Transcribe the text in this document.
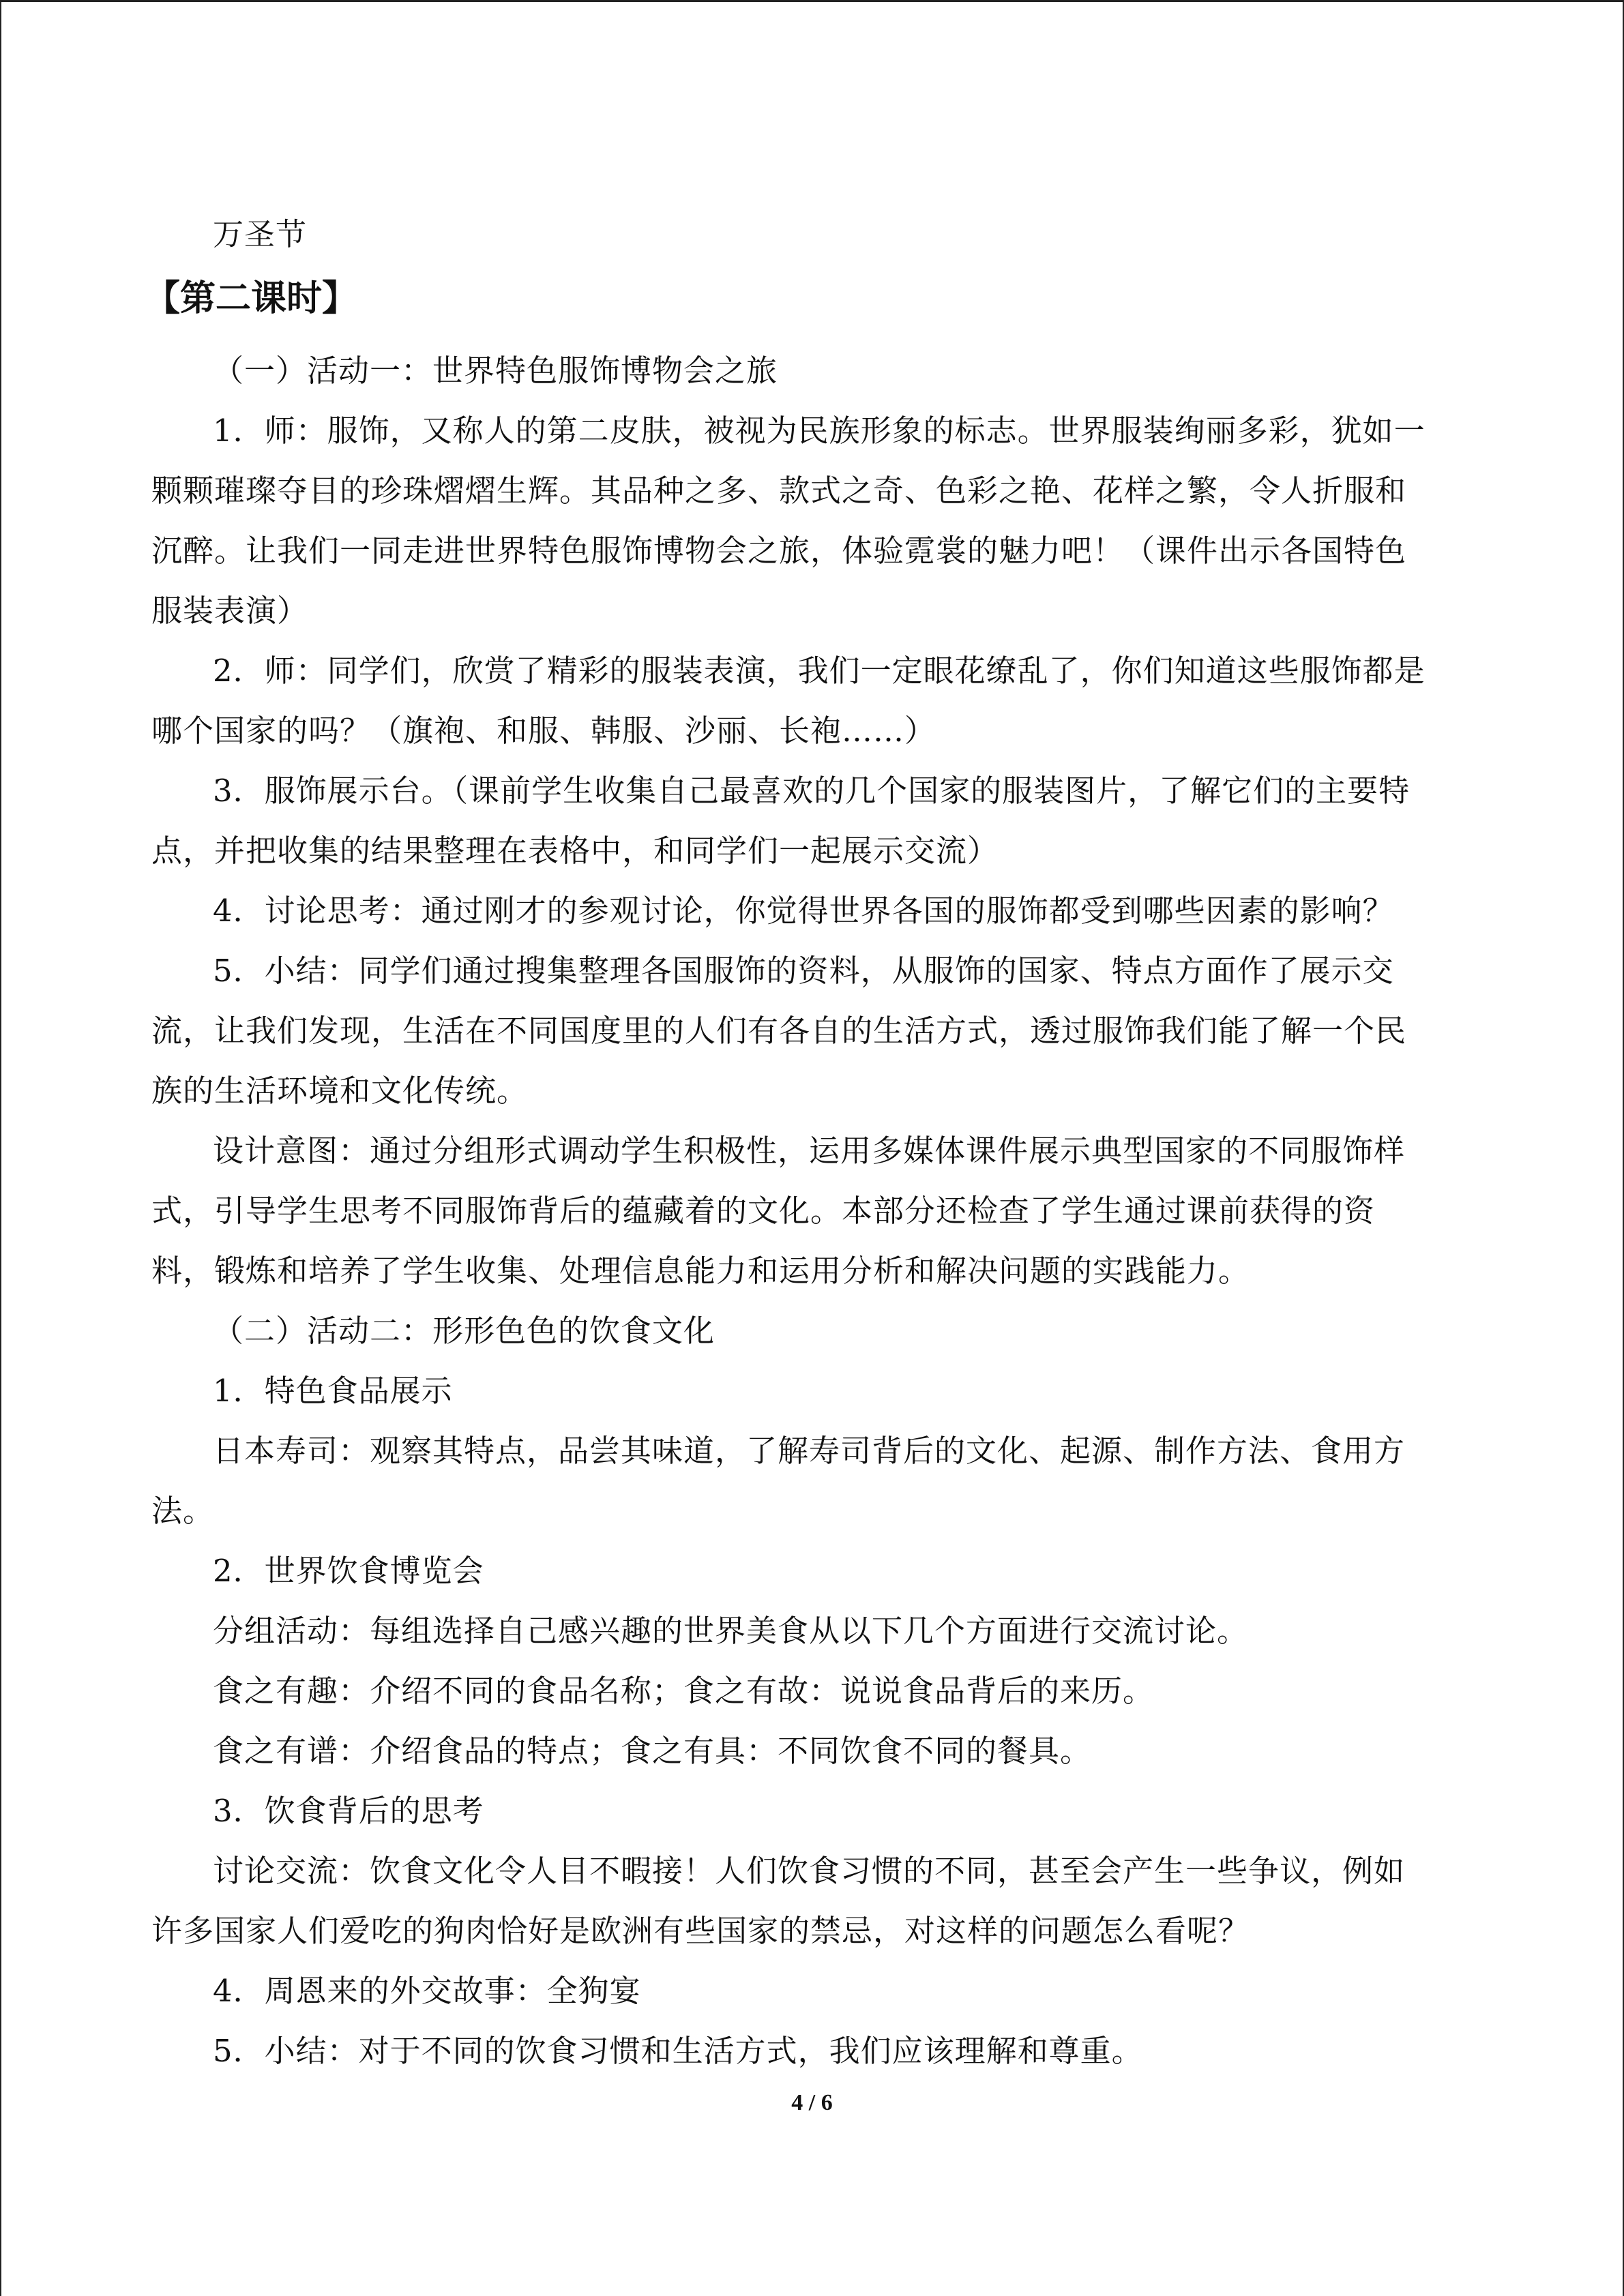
万圣节

【第二课时】

（一）活动一：世界特色服饰博物会之旅

1．师：服饰，又称人的第二皮肤，被视为民族形象的标志。世界服装绚丽多彩，犹如一

颗颗璀璨夺目的珍珠熠熠生辉。其品种之多、款式之奇、色彩之艳、花样之繁，令人折服和

沉醉。让我们一同走进世界特色服饰博物会之旅，体验霓裳的魅力吧！（课件出示各国特色

服装表演）

2．师：同学们，欣赏了精彩的服装表演，我们一定眼花缭乱了，你们知道这些服饰都是

哪个国家的吗？（旗袍、和服、韩服、沙丽、长袍……）

3．服饰展示台。（课前学生收集自己最喜欢的几个国家的服装图片，了解它们的主要特

点，并把收集的结果整理在表格中，和同学们一起展示交流）

4．讨论思考：通过刚才的参观讨论，你觉得世界各国的服饰都受到哪些因素的影响？

5．小结：同学们通过搜集整理各国服饰的资料，从服饰的国家、特点方面作了展示交

流，让我们发现，生活在不同国度里的人们有各自的生活方式，透过服饰我们能了解一个民

族的生活环境和文化传统。

设计意图：通过分组形式调动学生积极性，运用多媒体课件展示典型国家的不同服饰样

式，引导学生思考不同服饰背后的蕴藏着的文化。本部分还检查了学生通过课前获得的资

料，锻炼和培养了学生收集、处理信息能力和运用分析和解决问题的实践能力。

（二）活动二：形形色色的饮食文化

1．特色食品展示

日本寿司：观察其特点，品尝其味道，了解寿司背后的文化、起源、制作方法、食用方

法。

2．世界饮食博览会

分组活动：每组选择自己感兴趣的世界美食从以下几个方面进行交流讨论。

食之有趣：介绍不同的食品名称；食之有故：说说食品背后的来历。

食之有谱：介绍食品的特点；食之有具：不同饮食不同的餐具。

3．饮食背后的思考

讨论交流：饮食文化令人目不暇接！人们饮食习惯的不同，甚至会产生一些争议，例如

许多国家人们爱吃的狗肉恰好是欧洲有些国家的禁忌，对这样的问题怎么看呢？

4．周恩来的外交故事：全狗宴

5．小结：对于不同的饮食习惯和生活方式，我们应该理解和尊重。

4 / 6
